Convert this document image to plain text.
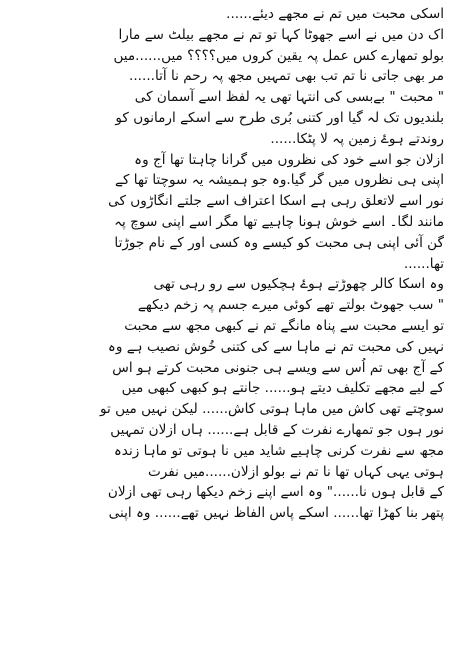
اسکی محبت میں تم نے مجھے دیئے......
اک دن میں نے اسے جھوٹا کہا تو تم نے مجھے بیلٹ سے مارا
بولو تمھارے کس عمل پہ یقین کروں میں؟؟؟؟ میں......میں
مر بھی جاتی نا تم تب بھی تمہیں مجھ پہ رحم نا آتا......
" محبت " بےبسی کی انتہا تھی یہ لفظ اسے آسمان کی
بلندیوں تک لہ گیا اور کتنی بُری طرح سے اسکے ارمانوں کو
روندتے ہوۓ زمین پہ لا پٹکا......
ازلان جو اسے خود کی نظروں میں گرانا چاہتا تھا آج وہ
اپنی ہی نظروں میں گر گیا.وہ جو ہمیشہ یہ سوچتا تھا کے
نور اسے لاتعلق رہی ہے اسکا اعتراف اسے جلتے انگاڑوں کی
مانند لگا۔ اسے خوش ہونا چاہیے تھا مگر اسے اپنی سوچ پہ
گن آئی اپنی ہی محبت کو کیسے وہ کسی اور کے نام جوڑتا
تھا......
وہ اسکا کالر چھوڑتے ہوۓ ہچکیوں سے رو رہی تھی
" سب جھوٹ بولتے تھے کوئی میرے جسم پہ زخم دیکھے
تو ایسے محبت سے پناہ مانگے تم نے کبھی مجھ سے محبت
نہیں کی محبت تم نے ماہا سے کی کتنی خُوش نصیب ہے وہ
کے آج بھی تم اُس سے ویسے ہی جنونی محبت کرتے ہو اس
کے لیے مجھے تکلیف دیتے ہو...... جانتے ہو کبھی کبھی میں
سوچتے تھی کاش میں ماہا ہوتی کاش...... لیکن نہیں میں تو
نور ہوں جو تمھارے نفرت کے قابل ہے...... ہاں ازلان تمہیں
مجھ سے نفرت کرنی چاہیے شاید میں نا ہوتی تو ماہا زندہ
ہوتی یہی کہاں تھا نا تم نے بولو ازلان......میں نفرت
کے قابل ہوں نا......" وہ اسے اپنے زخم دیکھا رہی تھی ازلان
پتھر بنا کھڑا تھا...... اسکے پاس الفاظ نہیں تھے...... وہ اپنی
